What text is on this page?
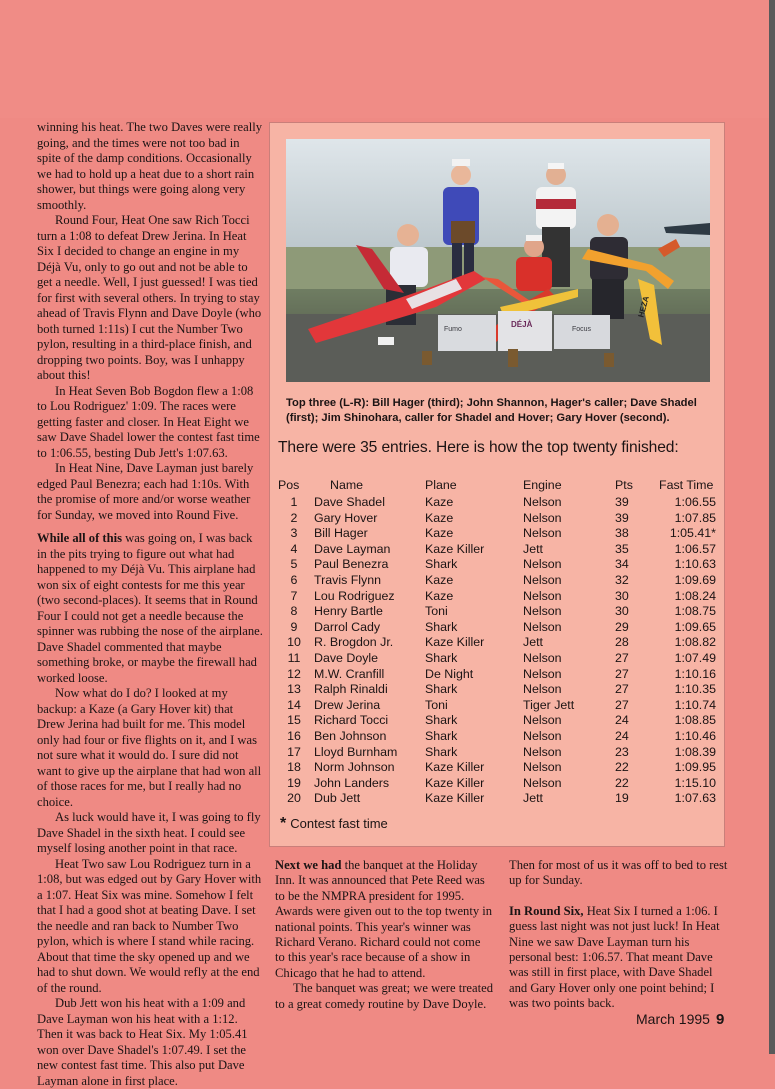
winning his heat. The two Daves were really going, and the times were not too bad in spite of the damp conditions. Occasionally we had to hold up a heat due to a short rain shower, but things were going along very smoothly.

Round Four, Heat One saw Rich Tocci turn a 1:08 to defeat Drew Jerina. In Heat Six I decided to change an engine in my Déjà Vu, only to go out and not be able to get a needle. Well, I just guessed! I was tied for first with several others. In trying to stay ahead of Travis Flynn and Dave Doyle (who both turned 1:11s) I cut the Number Two pylon, resulting in a third-place finish, and dropping two points. Boy, was I unhappy about this!

In Heat Seven Bob Bogdon flew a 1:08 to Lou Rodriguez' 1:09. The races were getting faster and closer. In Heat Eight we saw Dave Shadel lower the contest fast time to 1:06.55, besting Dub Jett's 1:07.63.

In Heat Nine, Dave Layman just barely edged Paul Benezra; each had 1:10s. With the promise of more and/or worse weather for Sunday, we moved into Round Five.

While all of this was going on, I was back in the pits trying to figure out what had happened to my Déjà Vu. This airplane had won six of eight contests for me this year (two second-places). It seems that in Round Four I could not get a needle because the spinner was rubbing the nose of the airplane. Dave Shadel commented that maybe something broke, or maybe the firewall had worked loose.

Now what do I do? I looked at my backup: a Kaze (a Gary Hover kit) that Drew Jerina had built for me. This model only had four or five flights on it, and I was not sure what it would do. I sure did not want to give up the airplane that had won all of those races for me, but I really had no choice.

As luck would have it, I was going to fly Dave Shadel in the sixth heat. I could see myself losing another point in that race.

Heat Two saw Lou Rodriguez turn in a 1:08, but was edged out by Gary Hover with a 1:07. Heat Six was mine. Somehow I felt that I had a good shot at beating Dave. I set the needle and ran back to Number Two pylon, which is where I stand while racing. About that time the sky opened up and we had to shut down. We would refly at the end of the round.

Dub Jett won his heat with a 1:09 and Dave Layman won his heat with a 1:12. Then it was back to Heat Six. My 1:05.41 won over Dave Shadel's 1:07.49. I set the new contest fast time. This also put Dave Layman alone in first place.

Fumo
DÉJÀ
Focus
HEZA
Top three (L-R): Bill Hager (third); John Shannon, Hager's caller; Dave Shadel (first); Jim Shinohara, caller for Shadel and Hover; Gary Hover (second).
There were 35 entries. Here is how the top twenty finished:
Pos	Name	Plane	Engine	Pts	Fast Time
1	Dave Shadel	Kaze	Nelson	39	1:06.55
2	Gary Hover	Kaze	Nelson	39	1:07.85
3	Bill Hager	Kaze	Nelson	38	1:05.41*
4	Dave Layman	Kaze Killer	Jett	35	1:06.57
5	Paul Benezra	Shark	Nelson	34	1:10.63
6	Travis Flynn	Kaze	Nelson	32	1:09.69
7	Lou Rodriguez	Kaze	Nelson	30	1:08.24
8	Henry Bartle	Toni	Nelson	30	1:08.75
9	Darrol Cady	Shark	Nelson	29	1:09.65
10	R. Brogdon Jr.	Kaze Killer	Jett	28	1:08.82
11	Dave Doyle	Shark	Nelson	27	1:07.49
12	M.W. Cranfill	De Night	Nelson	27	1:10.16
13	Ralph Rinaldi	Shark	Nelson	27	1:10.35
14	Drew Jerina	Toni	Tiger Jett	27	1:10.74
15	Richard Tocci	Shark	Nelson	24	1:08.85
16	Ben Johnson	Shark	Nelson	24	1:10.46
17	Lloyd Burnham	Shark	Nelson	23	1:08.39
18	Norm Johnson	Kaze Killer	Nelson	22	1:09.95
19	John Landers	Kaze Killer	Nelson	22	1:15.10
20	Dub Jett	Kaze Killer	Jett	19	1:07.63
* Contest fast time

Next we had the banquet at the Holiday Inn. It was announced that Pete Reed was to be the NMPRA president for 1995. Awards were given out to the top twenty in national points. This year's winner was Richard Verano. Richard could not come to this year's race because of a show in Chicago that he had to attend.

The banquet was great; we were treated to a great comedy routine by Dave Doyle.

Then for most of us it was off to bed to rest up for Sunday.

In Round Six, Heat Six I turned a 1:06. I guess last night was not just luck! In Heat Nine we saw Dave Layman turn his personal best: 1:06.57. That meant Dave was still in first place, with Dave Shadel and Gary Hover only one point behind; I was two points back.

March 1995 9
